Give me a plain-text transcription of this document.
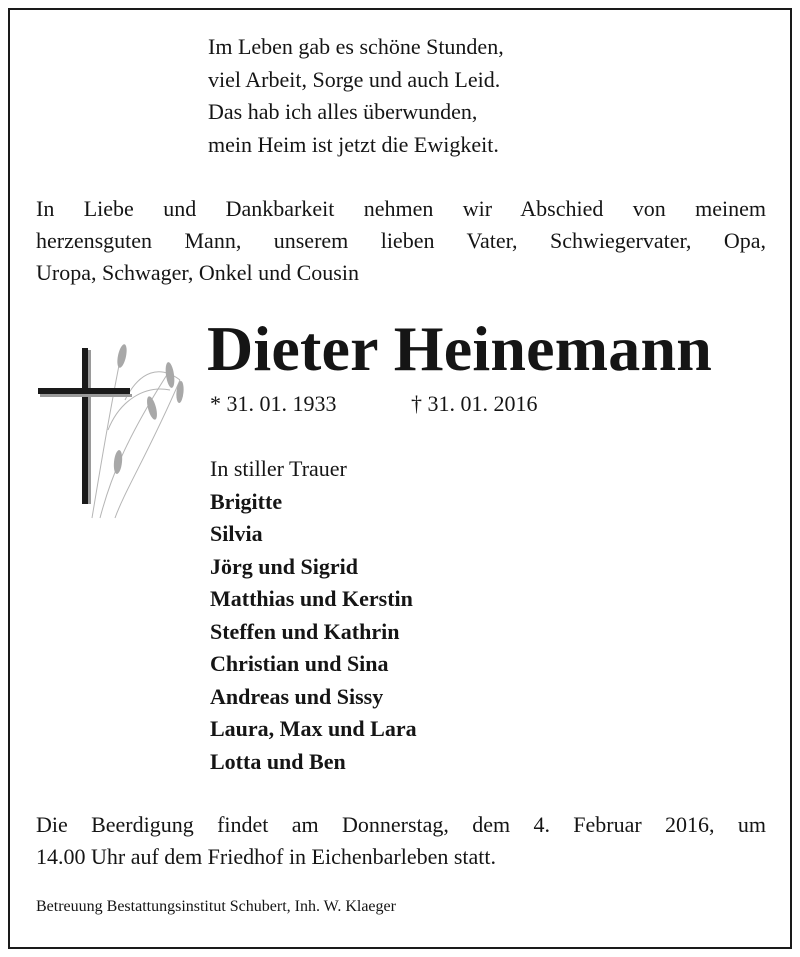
Im Leben gab es schöne Stunden,
viel Arbeit, Sorge und auch Leid.
Das hab ich alles überwunden,
mein Heim ist jetzt die Ewigkeit.
In Liebe und Dankbarkeit nehmen wir Abschied von meinem
herzensguten Mann, unserem lieben Vater, Schwiegervater, Opa,
Uropa, Schwager, Onkel und Cousin
Dieter Heinemann
* 31. 01. 1933	† 31. 01. 2016
In stiller Trauer
Brigitte
Silvia
Jörg und Sigrid
Matthias und Kerstin
Steffen und Kathrin
Christian und Sina
Andreas und Sissy
Laura, Max und Lara
Lotta und Ben
Die Beerdigung findet am Donnerstag, dem 4. Februar 2016, um
14.00 Uhr auf dem Friedhof in Eichenbarleben statt.
Betreuung Bestattungsinstitut Schubert, Inh. W. Klaeger
